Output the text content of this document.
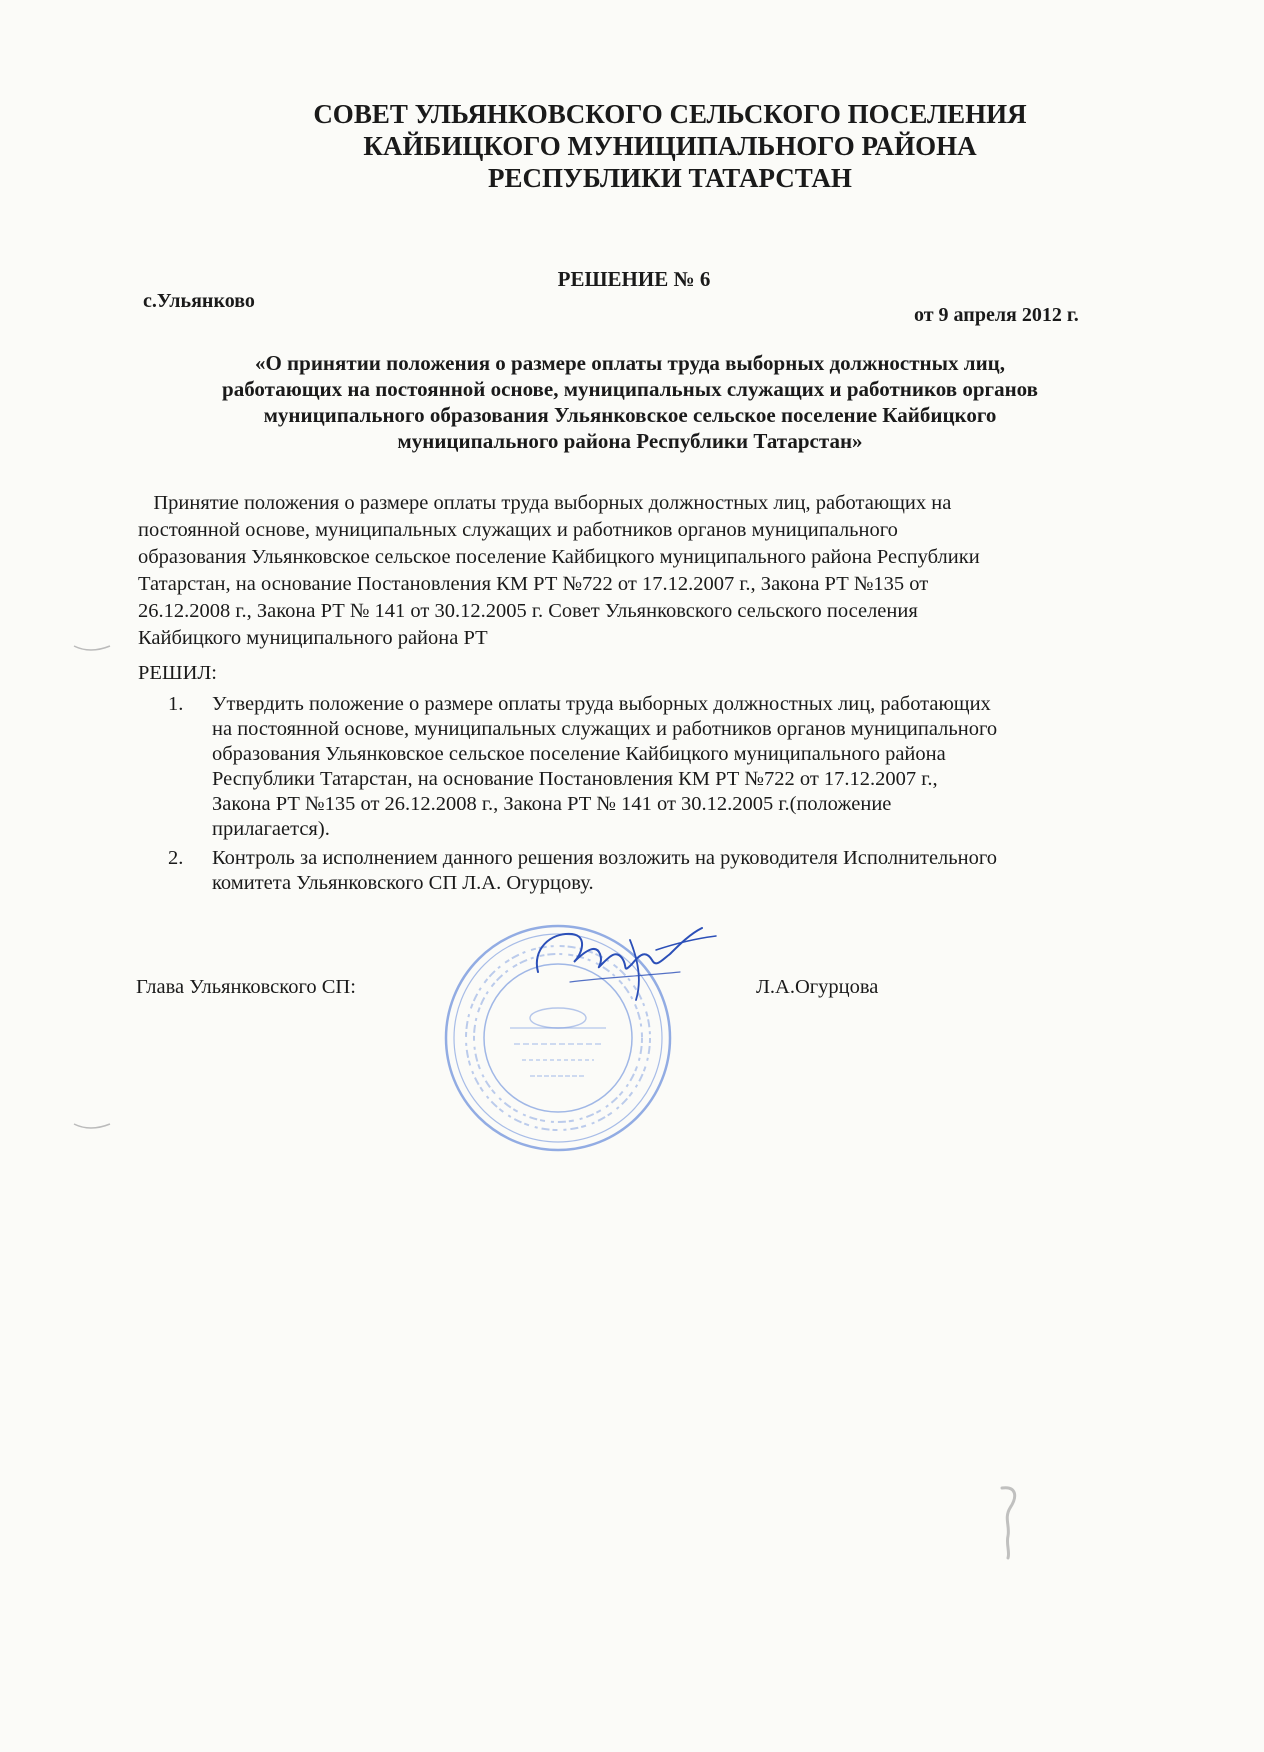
СОВЕТ УЛЬЯНКОВСКОГО СЕЛЬСКОГО ПОСЕЛЕНИЯ
КАЙБИЦКОГО МУНИЦИПАЛЬНОГО РАЙОНА
РЕСПУБЛИКИ ТАТАРСТАН
РЕШЕНИЕ № 6
с.Ульянково
от 9 апреля 2012 г.
«О принятии положения о размере оплаты труда выборных должностных лиц,
работающих на постоянной основе, муниципальных служащих и работников органов
муниципального образования Ульянковское сельское поселение Кайбицкого
муниципального района Республики Татарстан»
Принятие положения о размере оплаты труда выборных должностных лиц, работающих на
постоянной основе, муниципальных служащих и работников органов муниципального
образования Ульянковское сельское поселение Кайбицкого муниципального района Республики
Татарстан, на основание Постановления КМ РТ №722 от 17.12.2007 г., Закона РТ №135 от
26.12.2008 г., Закона РТ № 141 от 30.12.2005 г. Совет Ульянковского сельского поселения
Кайбицкого муниципального района РТ
РЕШИЛ:
1. Утвердить положение о размере оплаты труда выборных должностных лиц, работающих
на постоянной основе, муниципальных служащих и работников органов муниципального
образования Ульянковское сельское поселение Кайбицкого муниципального района
Республики Татарстан, на основание Постановления КМ РТ №722 от 17.12.2007 г.,
Закона РТ №135 от 26.12.2008 г., Закона РТ № 141 от 30.12.2005 г.(положение
прилагается).
2. Контроль за исполнением данного решения возложить на руководителя Исполнительного
комитета Ульянковского СП Л.А. Огурцову.
Глава Ульянковского СП:	Л.А.Огурцова
